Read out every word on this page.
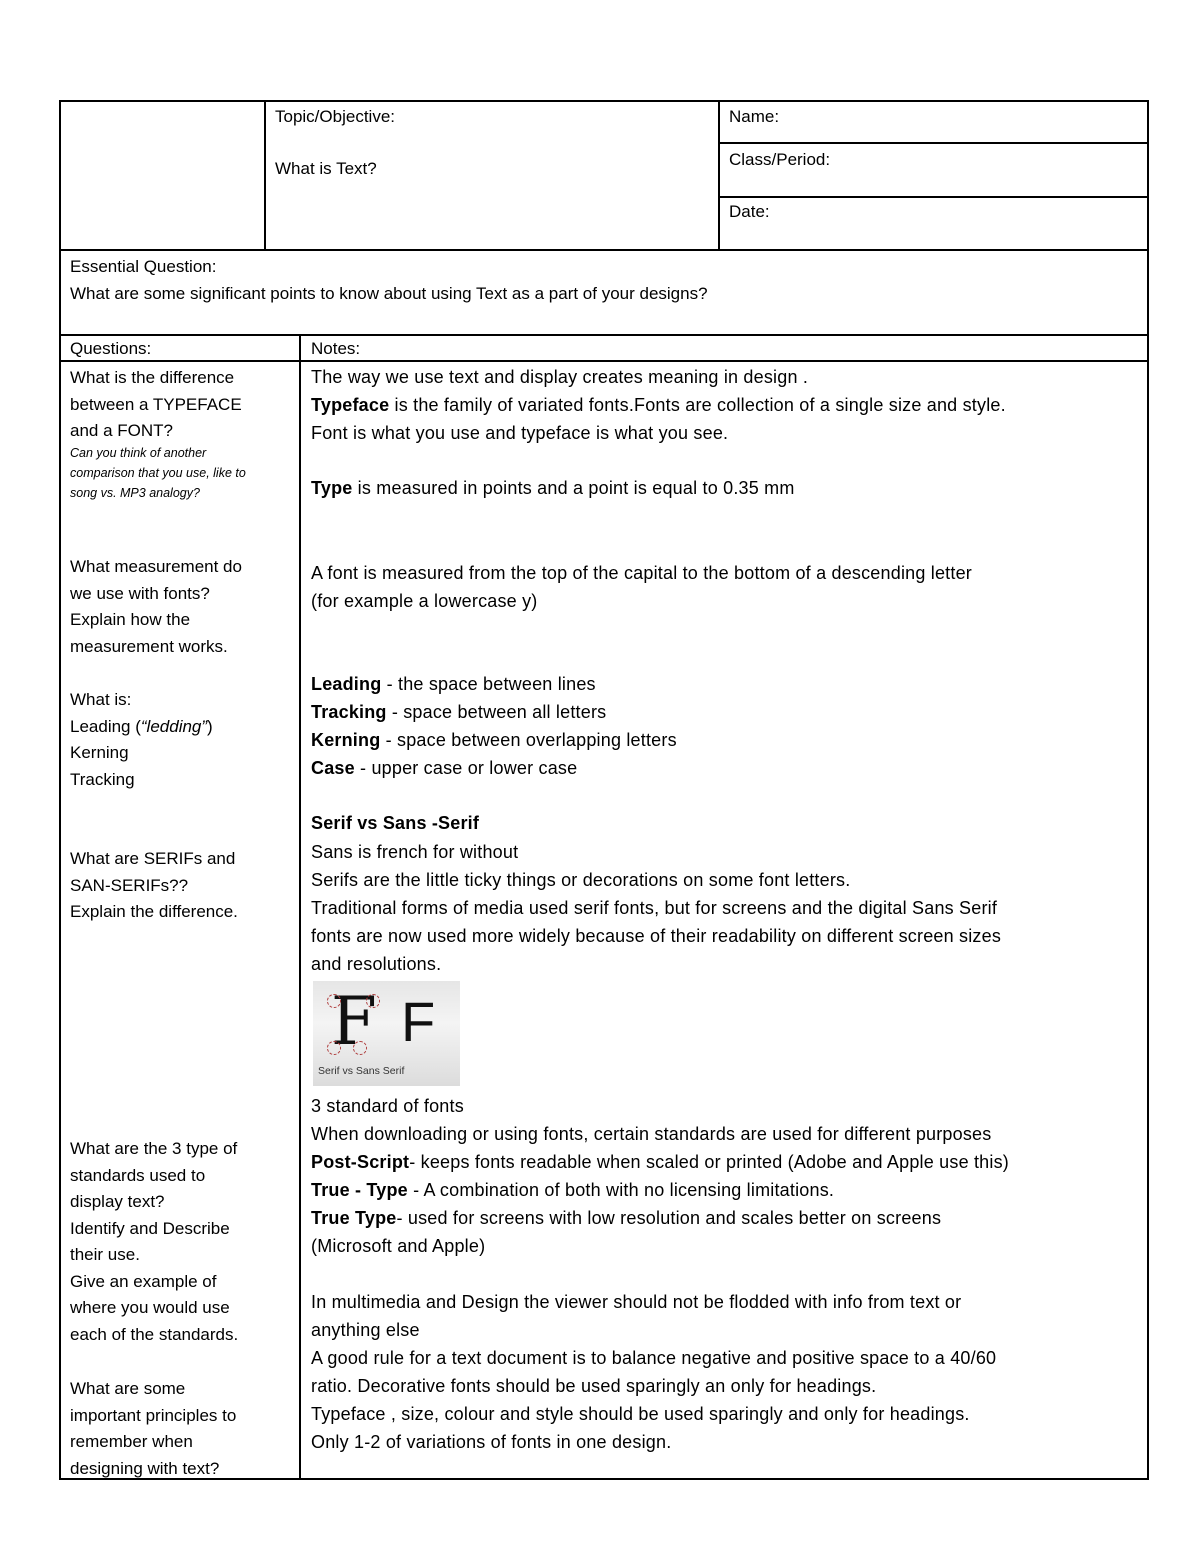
Topic/Objective:
What is Text?
Name:
Class/Period:
Date:
Essential Question:
What are some significant points to know about using Text as a part of your designs?
Questions:	Notes:
What is the difference
between a TYPEFACE
and a FONT?
Can you think of another
comparison that you use, like to
song vs. MP3 analogy?
What measurement do
we use with fonts?
Explain how the
measurement works.
What is:
Leading (“ledding”)
Kerning
Tracking
What are SERIFs and
SAN-SERIFs??
Explain the difference.
What are the 3 type of
standards used to
display text?
Identify and Describe
their use.
Give an example of
where you would use
each of the standards.
What are some
important principles to
remember when
designing with text?
The way we use text and display creates meaning in design .
Typeface is the family of variated fonts.Fonts are collection of a single size and style.
Font is what you use and typeface is what you see.
Type is measured in points and a point is equal to 0.35 mm
A font is measured from the top of the capital to the bottom of a descending letter
(for example a lowercase y)
Leading - the space between lines
Tracking - space between all letters
Kerning - space between overlapping letters
Case - upper case or lower case
Serif vs Sans -Serif
Sans is french for without
Serifs are the little ticky things or decorations on some font letters.
Traditional forms of media used serif fonts, but for screens and the digital Sans Serif
fonts are now used more widely because of their readability on different screen sizes
and resolutions.
F F
Serif vs Sans Serif
3 standard of fonts
When downloading or using fonts, certain standards are used for different purposes
Post-Script- keeps fonts readable when scaled or printed (Adobe and Apple use this)
True - Type - A combination of both with no licensing limitations.
True Type- used for screens with low resolution and scales better on screens
(Microsoft and Apple)
In multimedia and Design the viewer should not be flodded with info from text or
anything else
A good rule for a text document is to balance negative and positive space to a 40/60
ratio. Decorative fonts should be used sparingly an only for headings.
Typeface , size, colour and style should be used sparingly and only for headings.
Only 1-2 of variations of fonts in one design.
